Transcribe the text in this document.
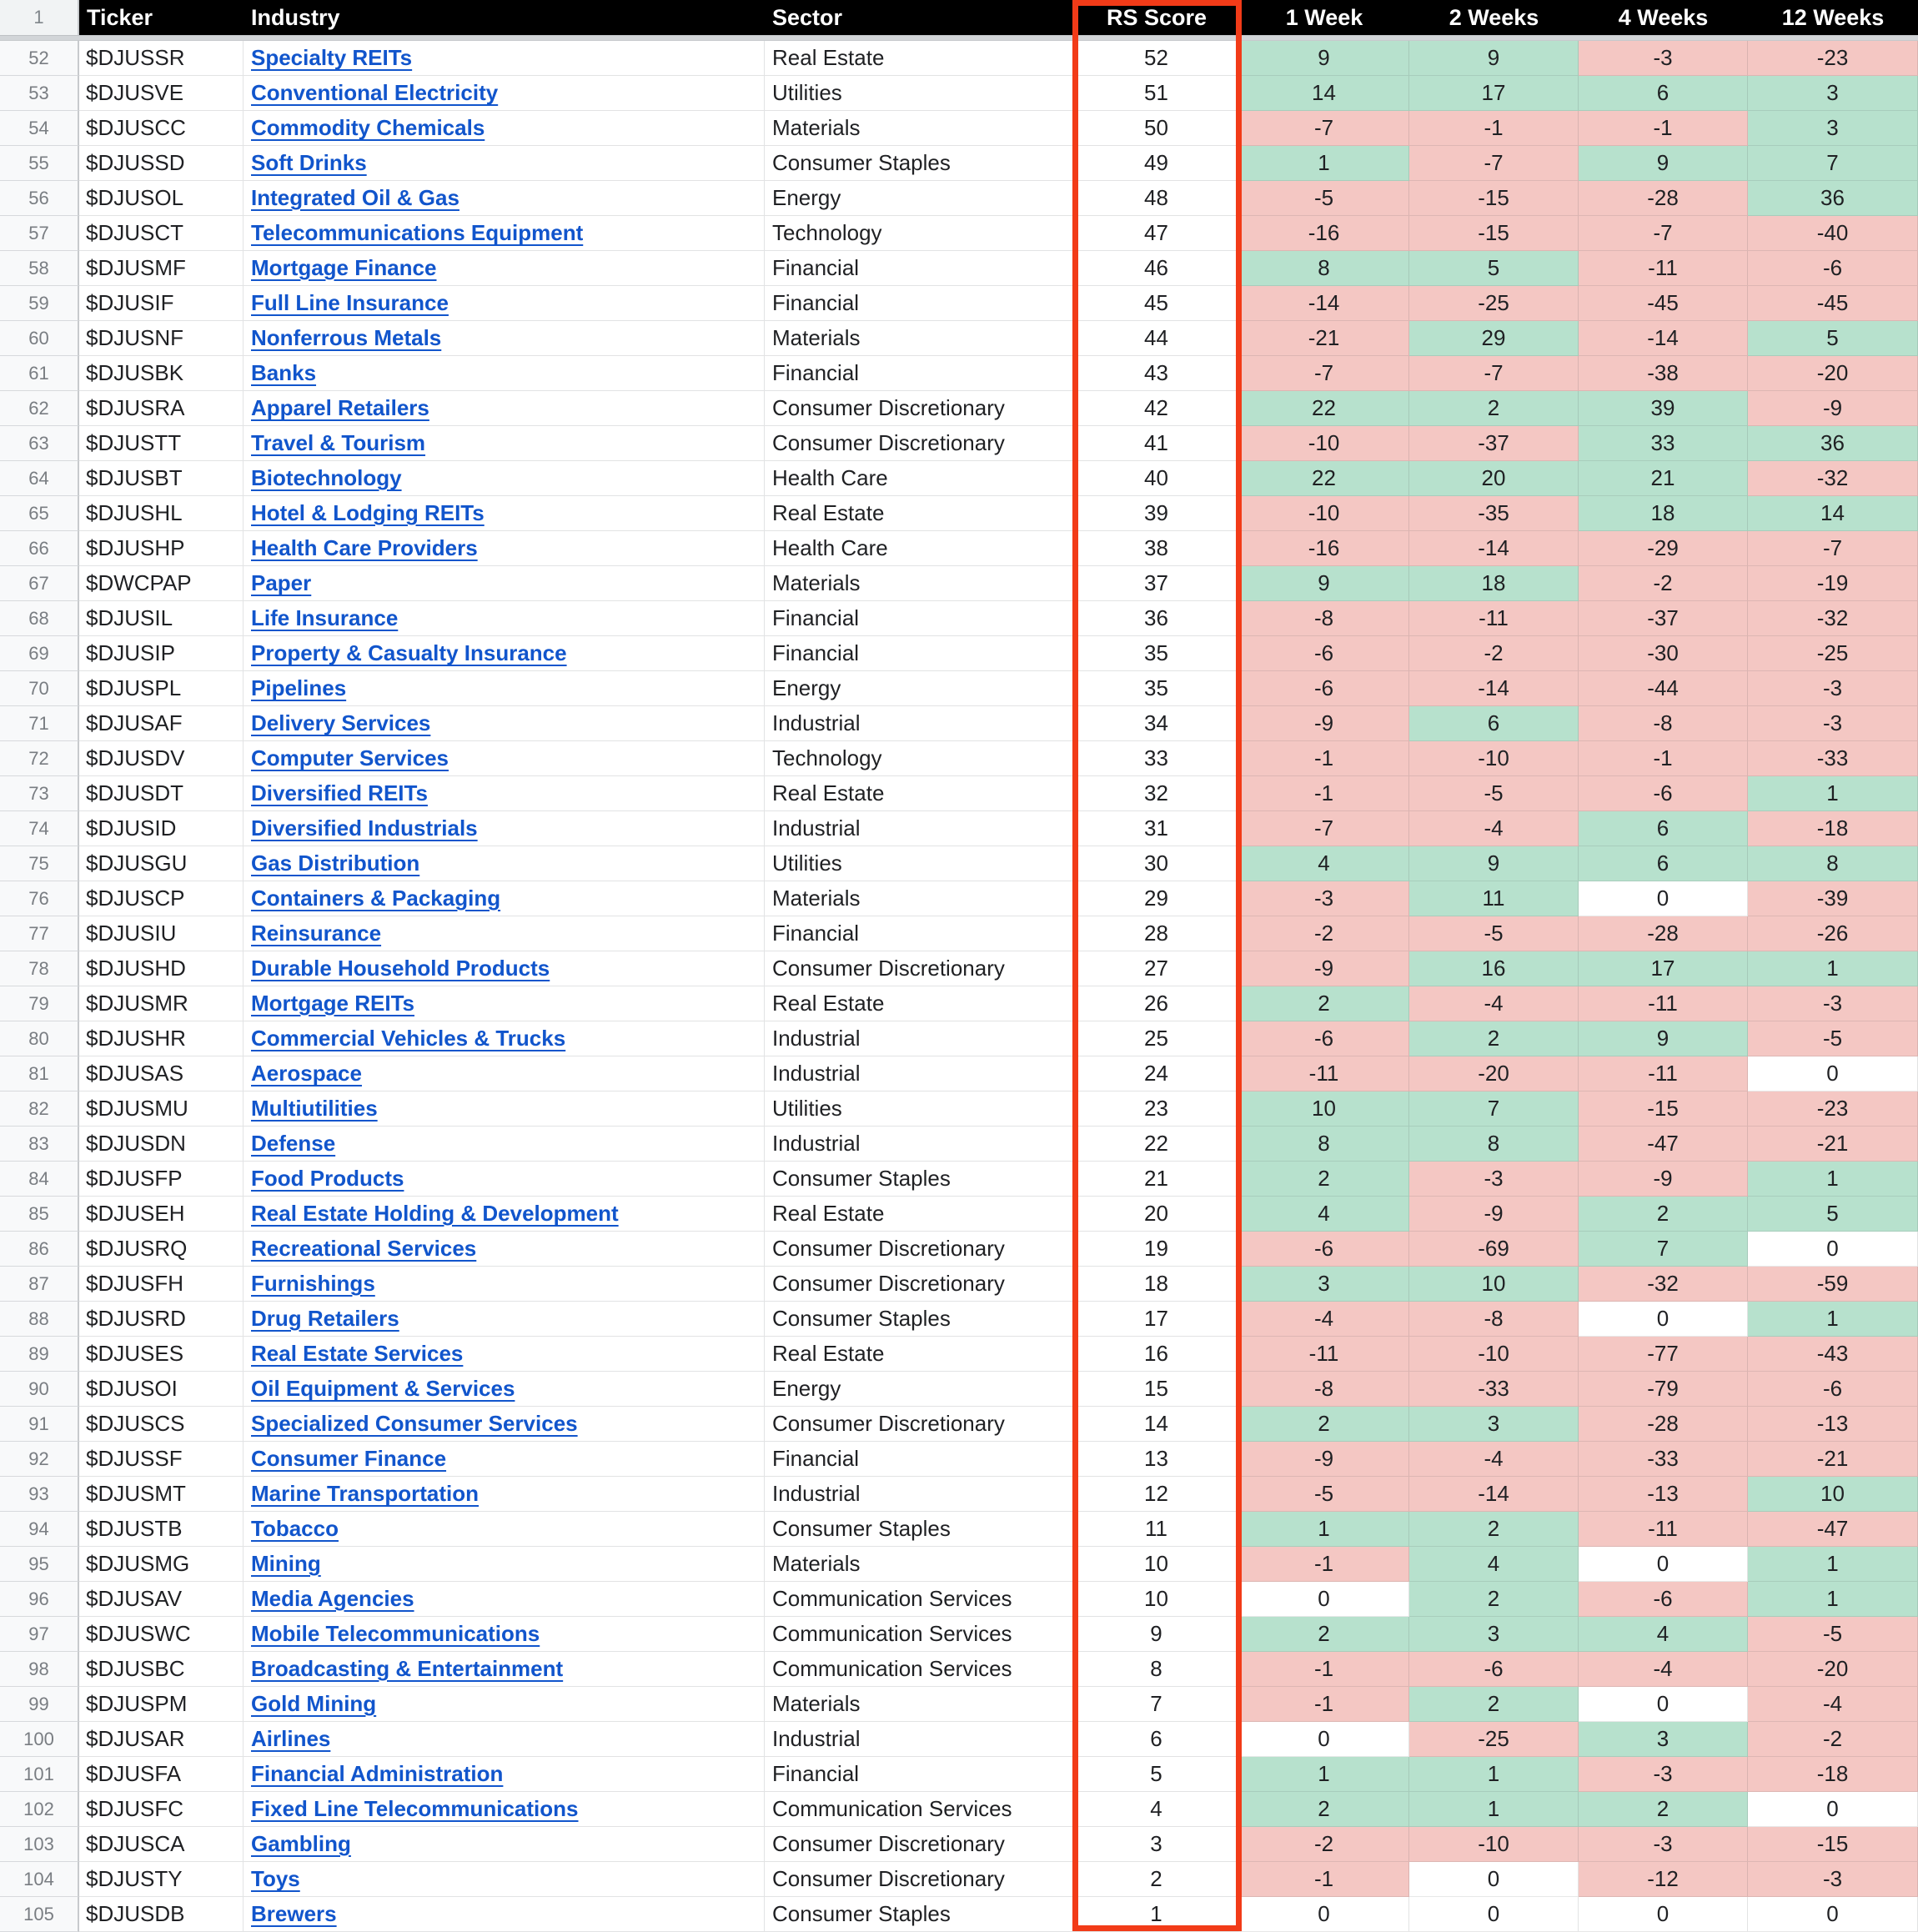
1	Ticker	Industry	Sector	RS Score	1 Week	2 Weeks	4 Weeks	12 Weeks
52	$DJUSSR	Specialty REITs	Real Estate	52	9	9	-3	-23
53	$DJUSVE	Conventional Electricity	Utilities	51	14	17	6	3
54	$DJUSCC	Commodity Chemicals	Materials	50	-7	-1	-1	3
55	$DJUSSD	Soft Drinks	Consumer Staples	49	1	-7	9	7
56	$DJUSOL	Integrated Oil & Gas	Energy	48	-5	-15	-28	36
57	$DJUSCT	Telecommunications Equipment	Technology	47	-16	-15	-7	-40
58	$DJUSMF	Mortgage Finance	Financial	46	8	5	-11	-6
59	$DJUSIF	Full Line Insurance	Financial	45	-14	-25	-45	-45
60	$DJUSNF	Nonferrous Metals	Materials	44	-21	29	-14	5
61	$DJUSBK	Banks	Financial	43	-7	-7	-38	-20
62	$DJUSRA	Apparel Retailers	Consumer Discretionary	42	22	2	39	-9
63	$DJUSTT	Travel & Tourism	Consumer Discretionary	41	-10	-37	33	36
64	$DJUSBT	Biotechnology	Health Care	40	22	20	21	-32
65	$DJUSHL	Hotel & Lodging REITs	Real Estate	39	-10	-35	18	14
66	$DJUSHP	Health Care Providers	Health Care	38	-16	-14	-29	-7
67	$DWCPAP	Paper	Materials	37	9	18	-2	-19
68	$DJUSIL	Life Insurance	Financial	36	-8	-11	-37	-32
69	$DJUSIP	Property & Casualty Insurance	Financial	35	-6	-2	-30	-25
70	$DJUSPL	Pipelines	Energy	35	-6	-14	-44	-3
71	$DJUSAF	Delivery Services	Industrial	34	-9	6	-8	-3
72	$DJUSDV	Computer Services	Technology	33	-1	-10	-1	-33
73	$DJUSDT	Diversified REITs	Real Estate	32	-1	-5	-6	1
74	$DJUSID	Diversified Industrials	Industrial	31	-7	-4	6	-18
75	$DJUSGU	Gas Distribution	Utilities	30	4	9	6	8
76	$DJUSCP	Containers & Packaging	Materials	29	-3	11	0	-39
77	$DJUSIU	Reinsurance	Financial	28	-2	-5	-28	-26
78	$DJUSHD	Durable Household Products	Consumer Discretionary	27	-9	16	17	1
79	$DJUSMR	Mortgage REITs	Real Estate	26	2	-4	-11	-3
80	$DJUSHR	Commercial Vehicles & Trucks	Industrial	25	-6	2	9	-5
81	$DJUSAS	Aerospace	Industrial	24	-11	-20	-11	0
82	$DJUSMU	Multiutilities	Utilities	23	10	7	-15	-23
83	$DJUSDN	Defense	Industrial	22	8	8	-47	-21
84	$DJUSFP	Food Products	Consumer Staples	21	2	-3	-9	1
85	$DJUSEH	Real Estate Holding & Development	Real Estate	20	4	-9	2	5
86	$DJUSRQ	Recreational Services	Consumer Discretionary	19	-6	-69	7	0
87	$DJUSFH	Furnishings	Consumer Discretionary	18	3	10	-32	-59
88	$DJUSRD	Drug Retailers	Consumer Staples	17	-4	-8	0	1
89	$DJUSES	Real Estate Services	Real Estate	16	-11	-10	-77	-43
90	$DJUSOI	Oil Equipment & Services	Energy	15	-8	-33	-79	-6
91	$DJUSCS	Specialized Consumer Services	Consumer Discretionary	14	2	3	-28	-13
92	$DJUSSF	Consumer Finance	Financial	13	-9	-4	-33	-21
93	$DJUSMT	Marine Transportation	Industrial	12	-5	-14	-13	10
94	$DJUSTB	Tobacco	Consumer Staples	11	1	2	-11	-47
95	$DJUSMG	Mining	Materials	10	-1	4	0	1
96	$DJUSAV	Media Agencies	Communication Services	10	0	2	-6	1
97	$DJUSWC	Mobile Telecommunications	Communication Services	9	2	3	4	-5
98	$DJUSBC	Broadcasting & Entertainment	Communication Services	8	-1	-6	-4	-20
99	$DJUSPM	Gold Mining	Materials	7	-1	2	0	-4
100	$DJUSAR	Airlines	Industrial	6	0	-25	3	-2
101	$DJUSFA	Financial Administration	Financial	5	1	1	-3	-18
102	$DJUSFC	Fixed Line Telecommunications	Communication Services	4	2	1	2	0
103	$DJUSCA	Gambling	Consumer Discretionary	3	-2	-10	-3	-15
104	$DJUSTY	Toys	Consumer Discretionary	2	-1	0	-12	-3
105	$DJUSDB	Brewers	Consumer Staples	1	0	0	0	0
